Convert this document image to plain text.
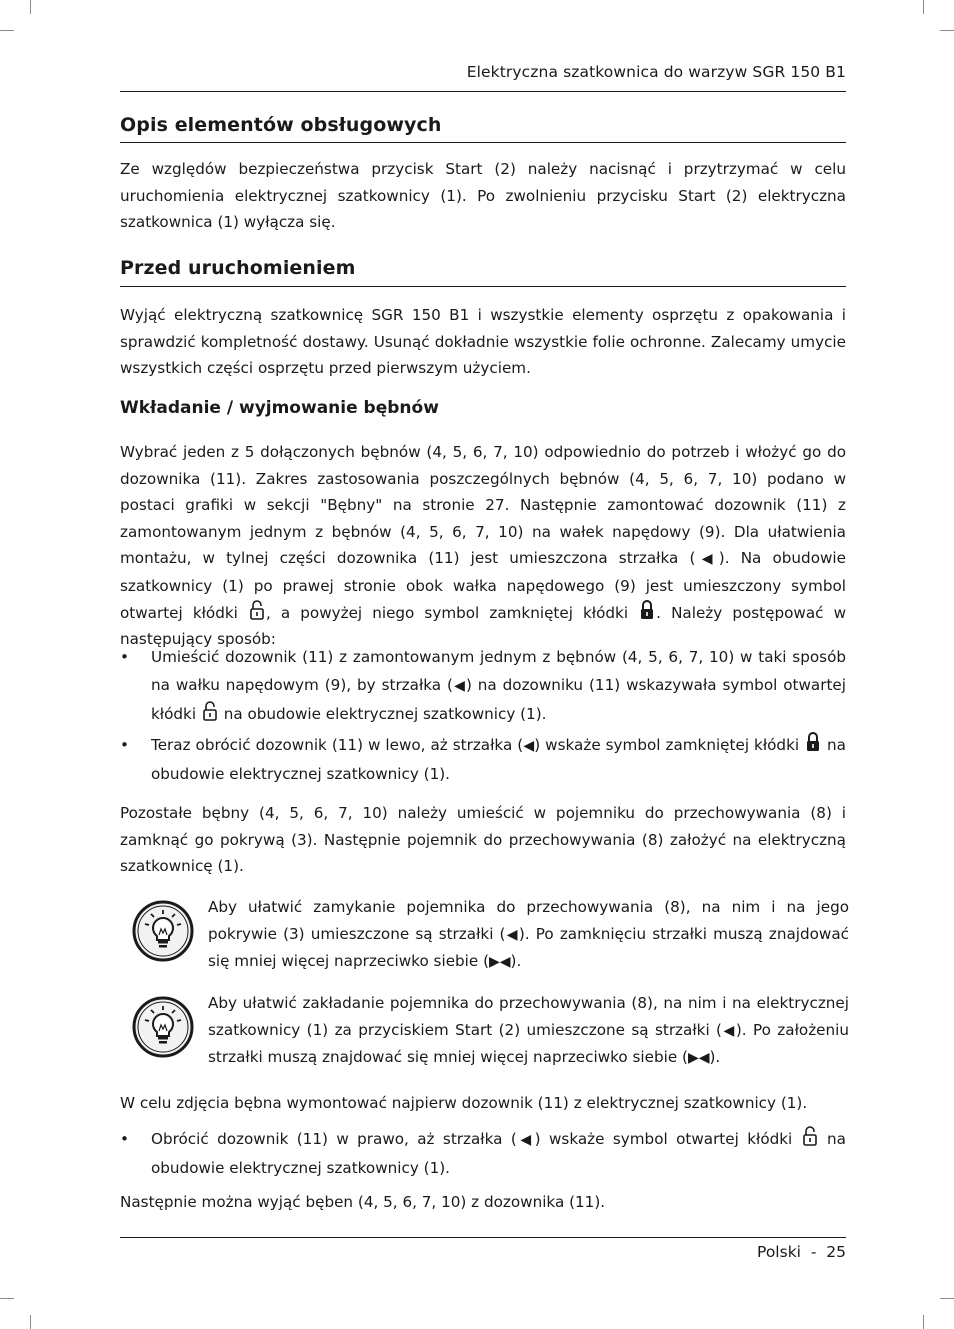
Elektryczna szatkownica do warzyw SGR 150 B1
Opis elementów obsługowych

Ze względów bezpieczeństwa przycisk Start (2) należy nacisnąć i przytrzymać w celu uruchomienia elektrycznej szatkownicy (1). Po zwolnieniu przycisku Start (2) elektryczna szatkownica (1) wyłącza się.

Przed uruchomieniem

Wyjąć elektryczną szatkownicę SGR 150 B1 i wszystkie elementy osprzętu z opakowania i sprawdzić kompletność dostawy. Usunąć dokładnie wszystkie folie ochronne. Zalecamy umycie wszystkich części osprzętu przed pierwszym użyciem.

Wkładanie / wyjmowanie bębnów

Wybrać jeden z 5 dołączonych bębnów (4, 5, 6, 7, 10) odpowiednio do potrzeb i włożyć go do dozownika (11). Zakres zastosowania poszczególnych bębnów (4, 5, 6, 7, 10) podano w postaci grafiki w sekcji "Bębny" na stronie 27. Następnie zamontować dozownik (11) z zamontowanym jednym z bębnów (4, 5, 6, 7, 10) na wałek napędowy (9). Dla ułatwienia montażu, w tylnej części dozownika (11) jest umieszczona strzałka (◀). Na obudowie szatkownicy (1) po prawej stronie obok wałka napędowego (9) jest umieszczony symbol otwartej kłódki , a powyżej niego symbol zamkniętej kłódki . Należy postępować w następujący sposób:

• Umieścić dozownik (11) z zamontowanym jednym z bębnów (4, 5, 6, 7, 10) w taki sposób na wałku napędowym (9), by strzałka (◀) na dozowniku (11) wskazywała symbol otwartej kłódki  na obudowie elektrycznej szatkownicy (1).
• Teraz obrócić dozownik (11) w lewo, aż strzałka (◀) wskaże symbol zamkniętej kłódki  na obudowie elektrycznej szatkownicy (1).

Pozostałe bębny (4, 5, 6, 7, 10) należy umieścić w pojemniku do przechowywania (8) i zamknąć go pokrywą (3). Następnie pojemnik do przechowywania (8) założyć na elektryczną szatkownicę (1).

Aby ułatwić zamykanie pojemnika do przechowywania (8), na nim i na jego pokrywie (3) umieszczone są strzałki (◀). Po zamknięciu strzałki muszą znajdować się mniej więcej naprzeciwko siebie (▶◀).

Aby ułatwić zakładanie pojemnika do przechowywania (8), na nim i na elektrycznej szatkownicy (1) za przyciskiem Start (2) umieszczone są strzałki (◀). Po założeniu strzałki muszą znajdować się mniej więcej naprzeciwko siebie (▶◀).

W celu zdjęcia bębna wymontować najpierw dozownik (11) z elektrycznej szatkownicy (1).

• Obrócić dozownik (11) w prawo, aż strzałka (◀) wskaże symbol otwartej kłódki  na obudowie elektrycznej szatkownicy (1).

Następnie można wyjąć bęben (4, 5, 6, 7, 10) z dozownika (11).

Polski  -  25
